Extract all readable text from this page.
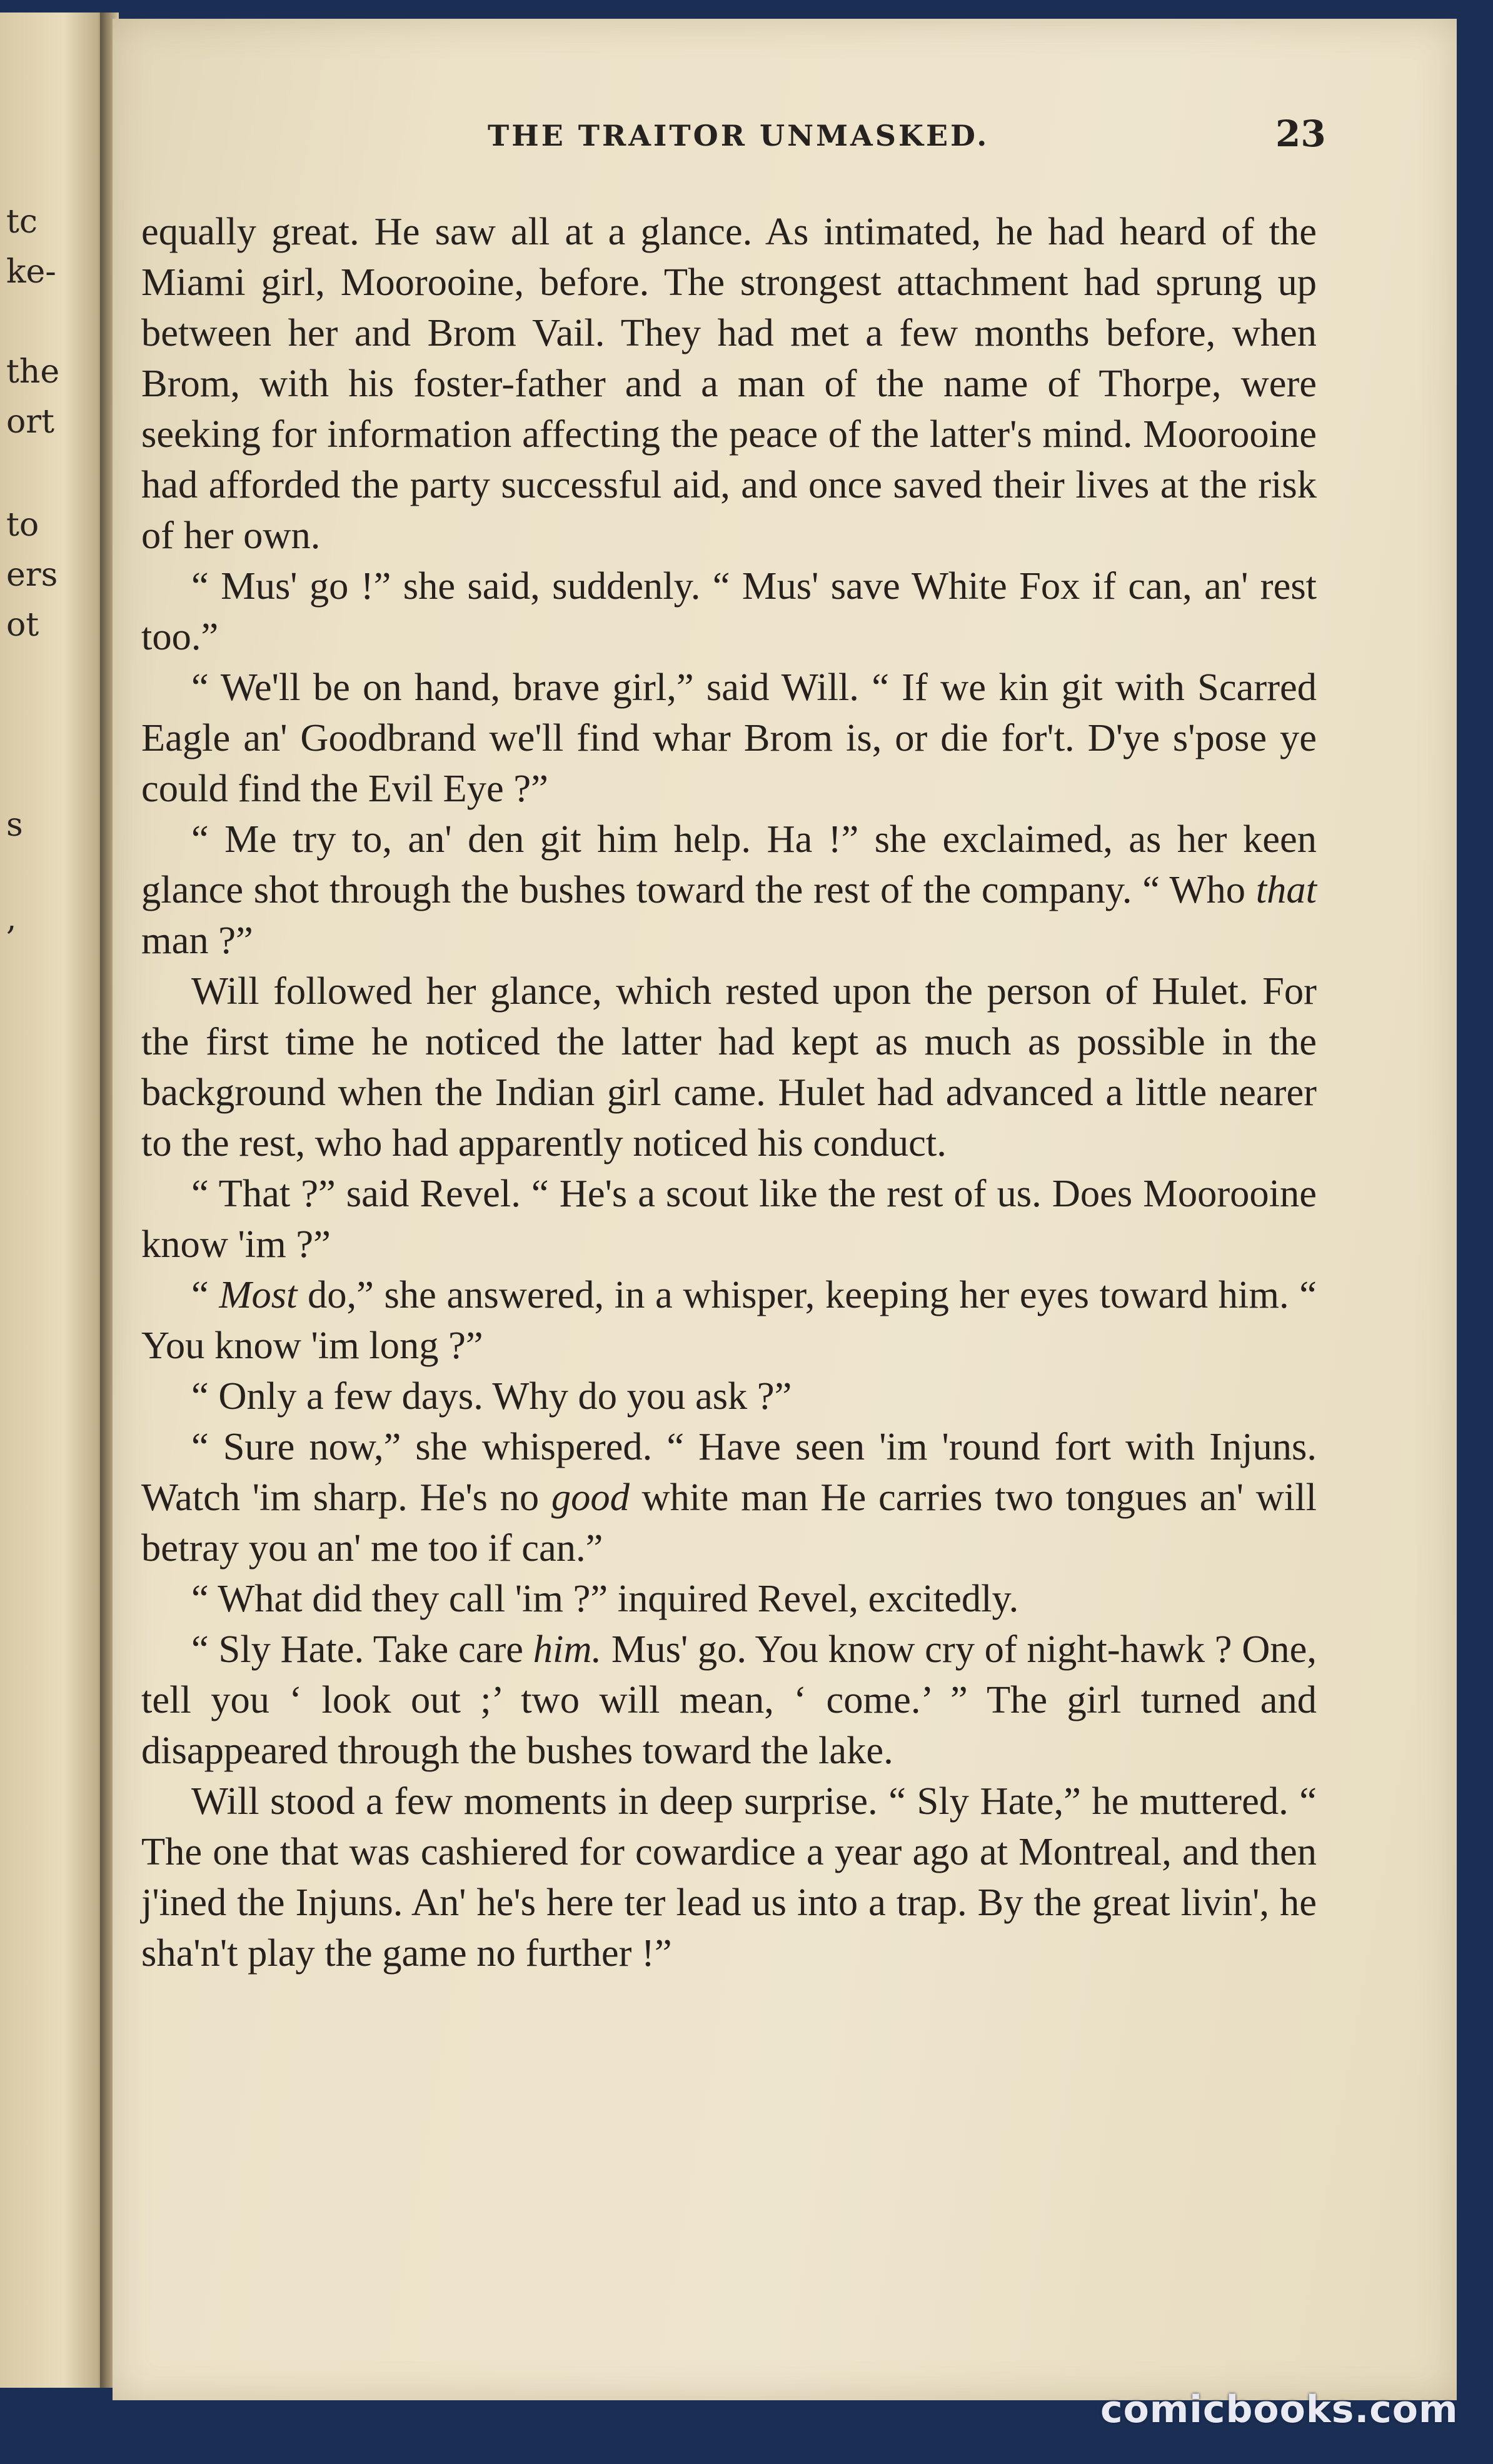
tc
ke-
the
ort
to
ers
ot
s
,
THE TRAITOR UNMASKED.	23

equally great. He saw all at a glance. As intimated, he had heard of the Miami girl, Moorooine, before. The strongest attachment had sprung up between her and Brom Vail. They had met a few months before, when Brom, with his foster-father and a man of the name of Thorpe, were seeking for information affecting the peace of the latter's mind. Moorooine had afforded the party successful aid, and once saved their lives at the risk of her own.

“ Mus' go !” she said, suddenly. “ Mus' save White Fox if can, an' rest too.”

“ We'll be on hand, brave girl,” said Will. “ If we kin git with Scarred Eagle an' Goodbrand we'll find whar Brom is, or die for't. D'ye s'pose ye could find the Evil Eye ?”

“ Me try to, an' den git him help. Ha !” she exclaimed, as her keen glance shot through the bushes toward the rest of the company. “ Who that man ?”

Will followed her glance, which rested upon the person of Hulet. For the first time he noticed the latter had kept as much as possible in the background when the Indian girl came. Hulet had advanced a little nearer to the rest, who had apparently noticed his conduct.

“ That ?” said Revel. “ He's a scout like the rest of us. Does Moorooine know 'im ?”

“ Most do,” she answered, in a whisper, keeping her eyes toward him. “ You know 'im long ?”

“ Only a few days. Why do you ask ?”

“ Sure now,” she whispered. “ Have seen 'im 'round fort with Injuns. Watch 'im sharp. He's no good white man He carries two tongues an' will betray you an' me too if can.”

“ What did they call 'im ?” inquired Revel, excitedly.

“ Sly Hate. Take care him. Mus' go. You know cry of night-hawk ? One, tell you ‘ look out ;’ two will mean, ‘ come.’ ” The girl turned and disappeared through the bushes toward the lake.

Will stood a few moments in deep surprise. “ Sly Hate,” he muttered. “ The one that was cashiered for cowardice a year ago at Montreal, and then j'ined the Injuns. An' he's here ter lead us into a trap. By the great livin', he sha'n't play the game no further !”

comicbooks.com
